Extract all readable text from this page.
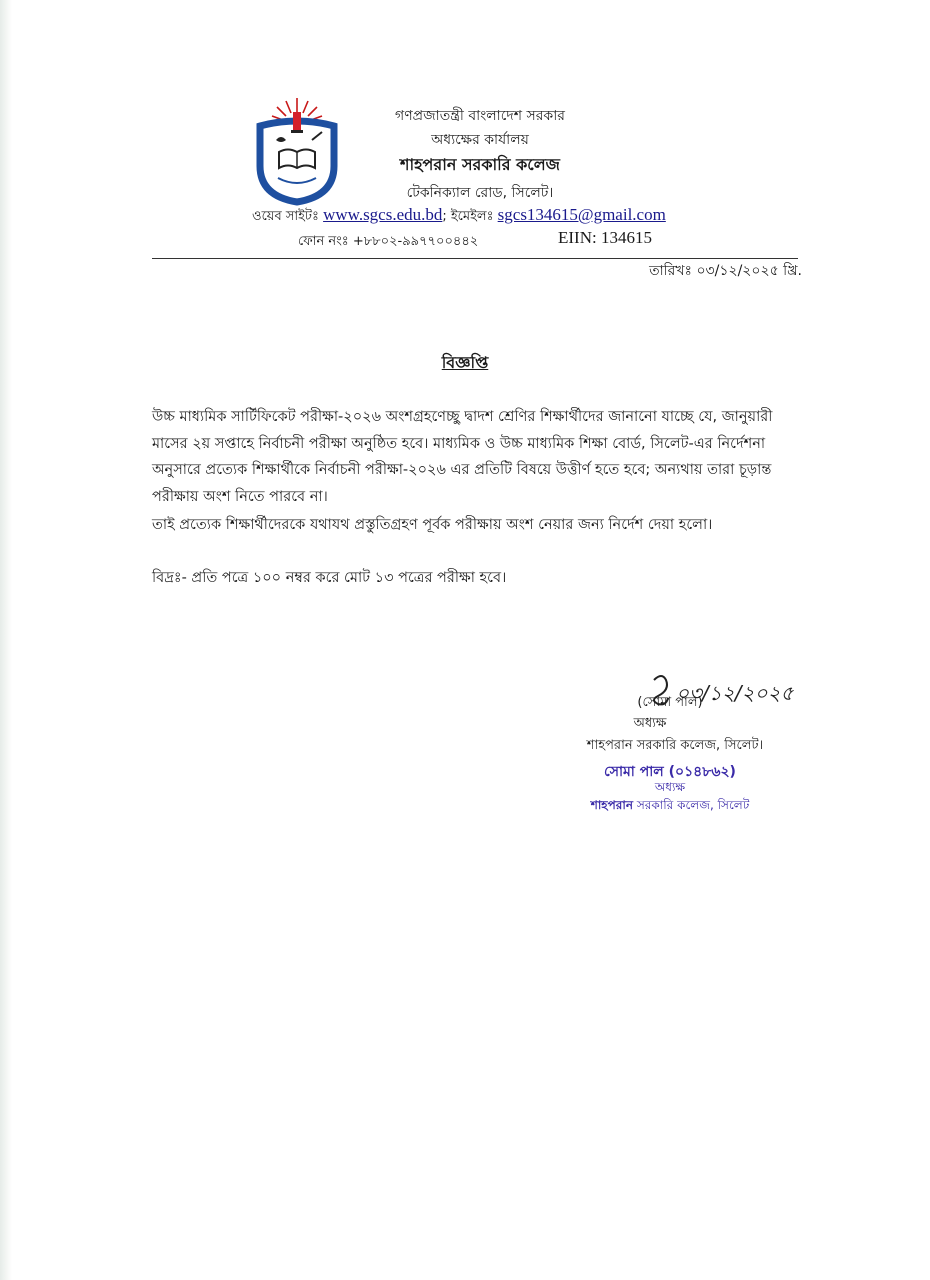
গণপ্রজাতন্ত্রী বাংলাদেশ সরকার
অধ্যক্ষের কার্যালয়
শাহপরান সরকারি কলেজ
টেকনিক্যাল রোড, সিলেট।
ওয়েব সাইটঃ www.sgcs.edu.bd; ইমেইলঃ sgcs134615@gmail.com
ফোন নংঃ +৮৮০২-৯৯৭৭০০৪৪২	EIIN: 134615
তারিখঃ ০৩/১২/২০২৫ খ্রি.
বিজ্ঞপ্তি
উচ্চ মাধ্যমিক সার্টিফিকেট পরীক্ষা-২০২৬ অংশগ্রহণেচ্ছু দ্বাদশ শ্রেণির শিক্ষার্থীদের জানানো যাচ্ছে যে, জানুয়ারী মাসের ২য় সপ্তাহে নির্বাচনী পরীক্ষা অনুষ্ঠিত হবে। মাধ্যমিক ও উচ্চ মাধ্যমিক শিক্ষা বোর্ড, সিলেট-এর নির্দেশনা অনুসারে প্রত্যেক শিক্ষার্থীকে নির্বাচনী পরীক্ষা-২০২৬ এর প্রতিটি বিষয়ে উত্তীর্ণ হতে হবে; অন্যথায় তারা চূড়ান্ত পরীক্ষায় অংশ নিতে পারবে না।
তাই প্রত্যেক শিক্ষার্থীদেরকে যথাযথ প্রস্তুতিগ্রহণ পূর্বক পরীক্ষায় অংশ নেয়ার জন্য নির্দেশ দেয়া হলো।
বিদ্রঃ- প্রতি পত্রে ১০০ নম্বর করে মোট ১৩ পত্রের পরীক্ষা হবে।
০৩/১২/২০২৫
(সোমা পাল)
অধ্যক্ষ
শাহপরান সরকারি কলেজ, সিলেট।
সোমা পাল (০১৪৮৬২)
অধ্যক্ষ
শাহপরান সরকারি কলেজ, সিলেট
